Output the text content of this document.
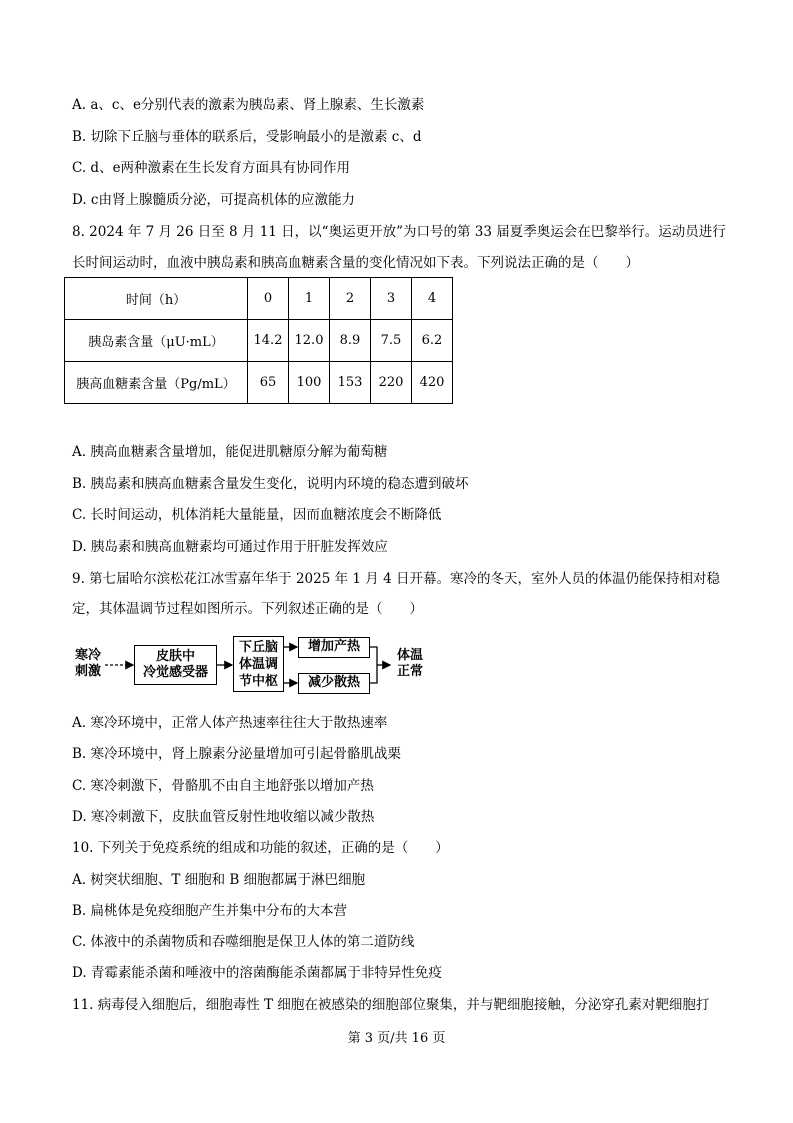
A. a、c、e分别代表的激素为胰岛素、肾上腺素、生长激素
B. 切除下丘脑与垂体的联系后，受影响最小的是激素 c、d
C. d、e两种激素在生长发育方面具有协同作用
D. c由肾上腺髓质分泌，可提高机体的应激能力
8. 2024 年 7 月 26 日至 8 月 11 日，以“奥运更开放”为口号的第 33 届夏季奥运会在巴黎举行。运动员进行
长时间运动时，血液中胰岛素和胰高血糖素含量的变化情况如下表。下列说法正确的是（　　）
时间（h）	0	1	2	3	4
胰岛素含量（μU·mL）	14.2	12.0	8.9	7.5	6.2
胰高血糖素含量（Pg/mL）	65	100	153	220	420
A. 胰高血糖素含量增加，能促进肌糖原分解为葡萄糖
B. 胰岛素和胰高血糖素含量发生变化，说明内环境的稳态遭到破坏
C. 长时间运动，机体消耗大量能量，因而血糖浓度会不断降低
D. 胰岛素和胰高血糖素均可通过作用于肝脏发挥效应
9. 第七届哈尔滨松花江冰雪嘉年华于 2025 年 1 月 4 日开幕。寒冷的冬天，室外人员的体温仍能保持相对稳
定，其体温调节过程如图所示。下列叙述正确的是（　　）
寒冷
刺激
皮肤中
冷觉感受器
下丘脑
体温调
节中枢
增加产热
减少散热
体温
正常
A. 寒冷环境中，正常人体产热速率往往大于散热速率
B. 寒冷环境中，肾上腺素分泌量增加可引起骨骼肌战栗
C. 寒冷刺激下，骨骼肌不由自主地舒张以增加产热
D. 寒冷刺激下，皮肤血管反射性地收缩以减少散热
10. 下列关于免疫系统的组成和功能的叙述，正确的是（　　）
A. 树突状细胞、T 细胞和 B 细胞都属于淋巴细胞
B. 扁桃体是免疫细胞产生并集中分布的大本营
C. 体液中的杀菌物质和吞噬细胞是保卫人体的第二道防线
D. 青霉素能杀菌和唾液中的溶菌酶能杀菌都属于非特异性免疫
11. 病毒侵入细胞后，细胞毒性 T 细胞在被感染的细胞部位聚集，并与靶细胞接触，分泌穿孔素对靶细胞打
第 3 页/共 16 页
